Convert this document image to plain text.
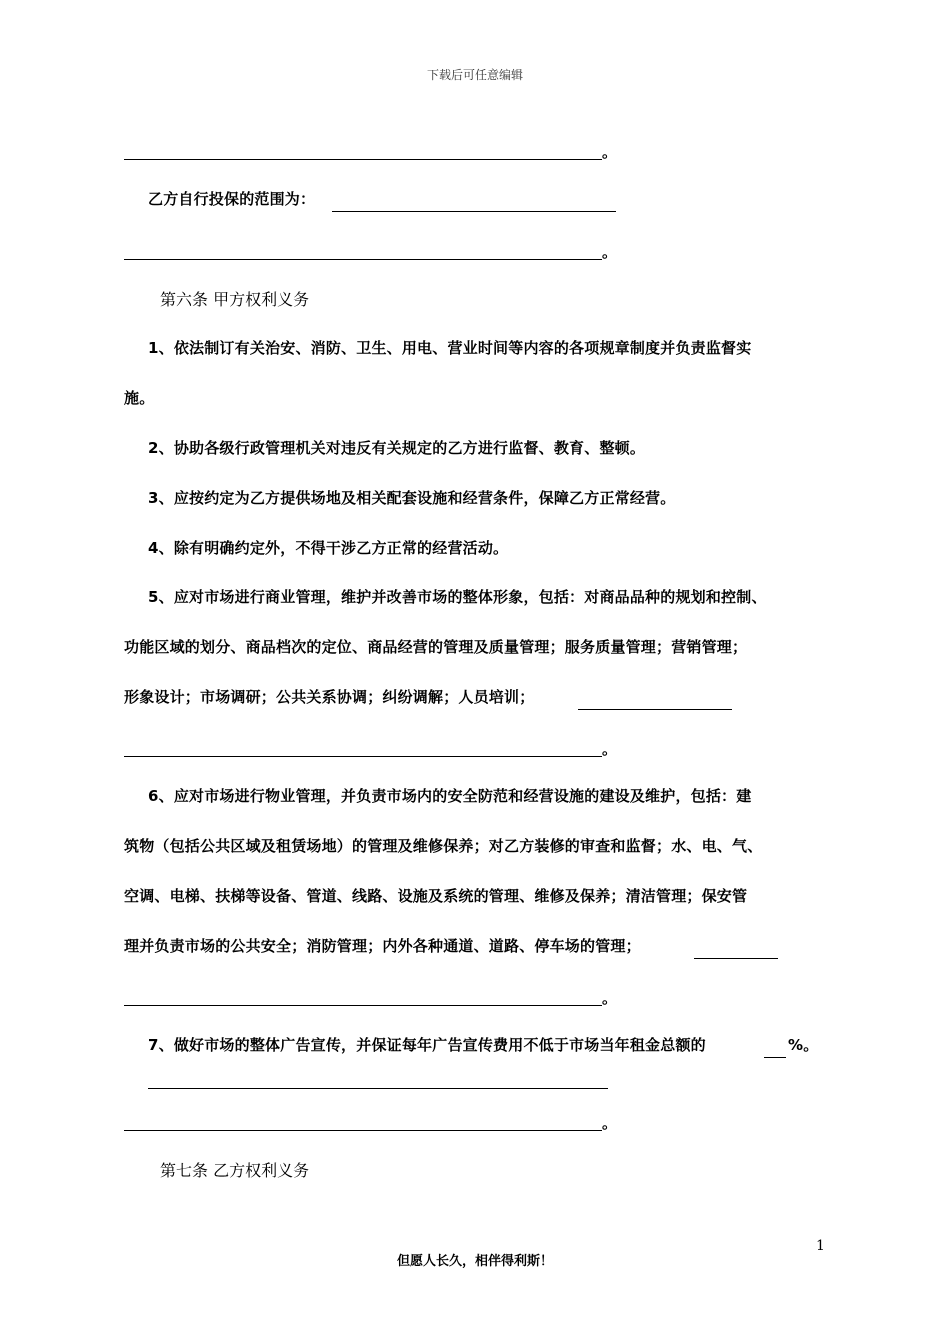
下载后可任意编辑
。
乙方自行投保的范围为：
。
第六条 甲方权利义务
1、依法制订有关治安、消防、卫生、用电、营业时间等内容的各项规章制度并负责监督实
施。
2、协助各级行政管理机关对违反有关规定的乙方进行监督、教育、整顿。
3、应按约定为乙方提供场地及相关配套设施和经营条件，保障乙方正常经营。
4、除有明确约定外，不得干涉乙方正常的经营活动。
5、应对市场进行商业管理，维护并改善市场的整体形象，包括：对商品品种的规划和控制、
功能区域的划分、商品档次的定位、商品经营的管理及质量管理；服务质量管理；营销管理；
形象设计；市场调研；公共关系协调；纠纷调解；人员培训；
。
6、应对市场进行物业管理，并负责市场内的安全防范和经营设施的建设及维护，包括：建
筑物（包括公共区域及租赁场地）的管理及维修保养；对乙方装修的审查和监督；水、电、气、
空调、电梯、扶梯等设备、管道、线路、设施及系统的管理、维修及保养；清洁管理；保安管
理并负责市场的公共安全；消防管理；内外各种通道、道路、停车场的管理；
。
7、做好市场的整体广告宣传，并保证每年广告宣传费用不低于市场当年租金总额的	%。
。
第七条 乙方权利义务
1
但愿人长久，相伴得利斯！
